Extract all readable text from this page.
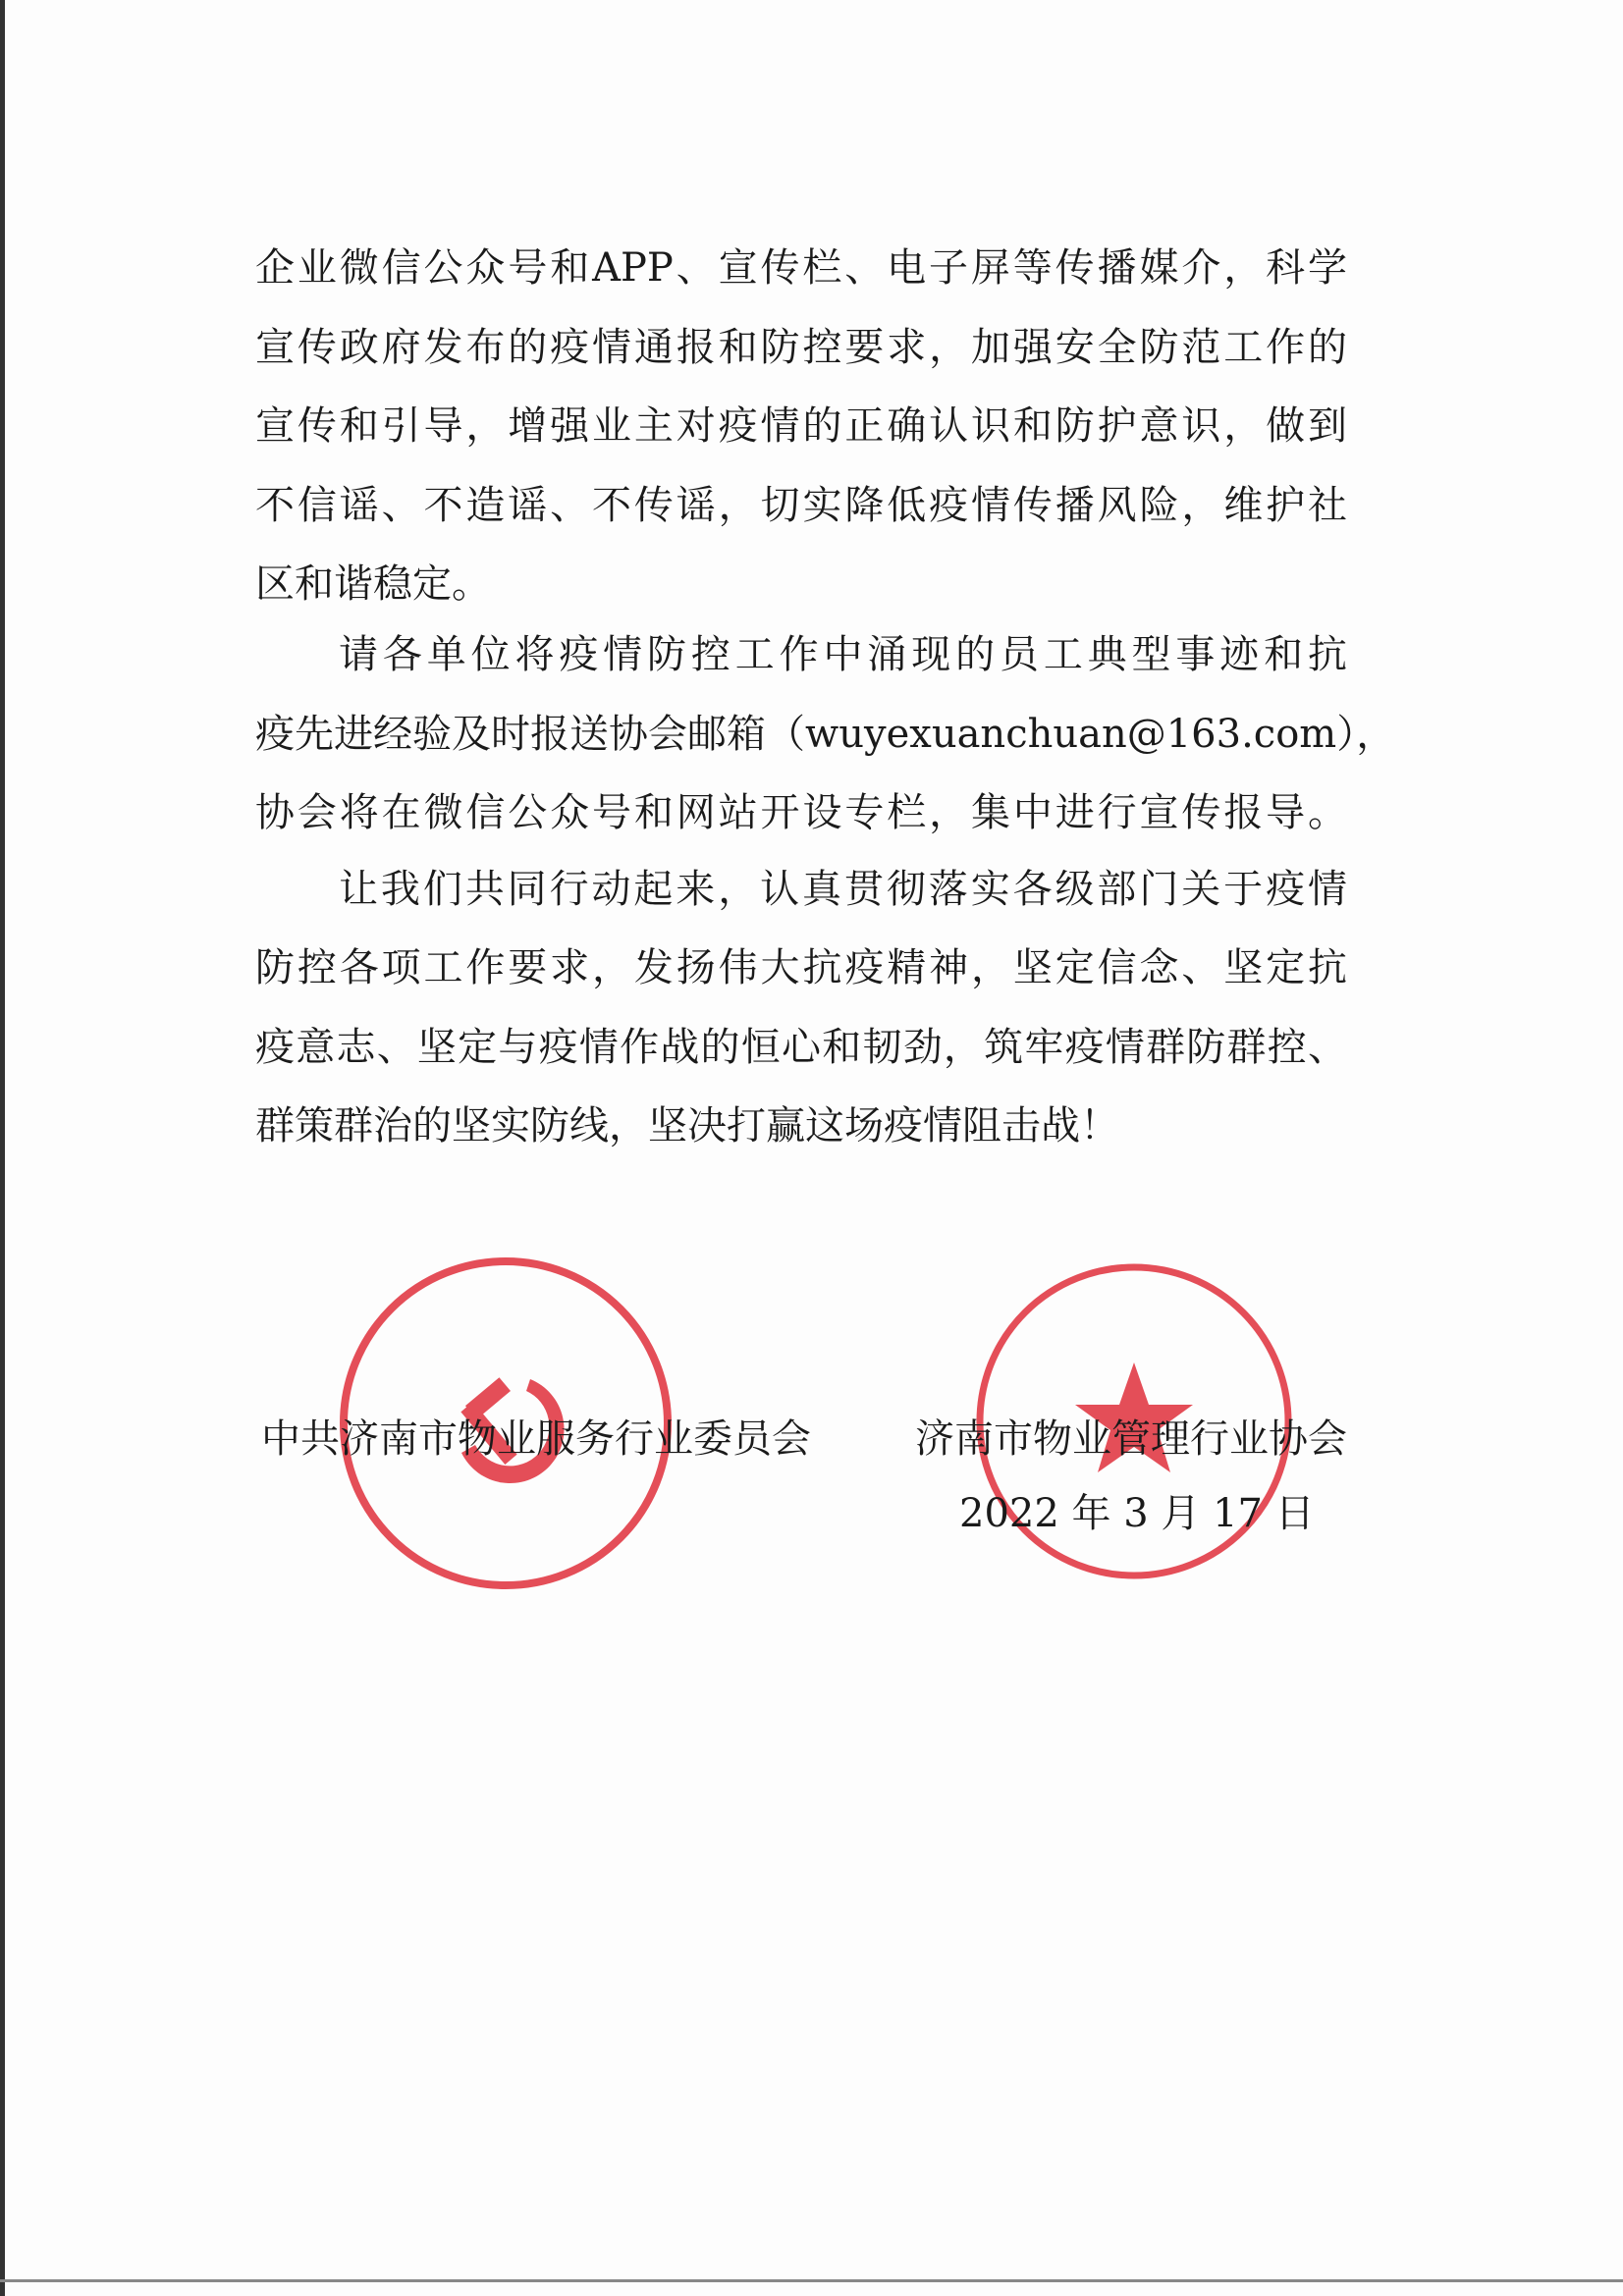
企业微信公众号和APP、宣传栏、电子屏等传播媒介，科学
宣传政府发布的疫情通报和防控要求，加强安全防范工作的
宣传和引导，增强业主对疫情的正确认识和防护意识，做到
不信谣、不造谣、不传谣，切实降低疫情传播风险，维护社
区和谐稳定。
请各单位将疫情防控工作中涌现的员工典型事迹和抗
疫先进经验及时报送协会邮箱（wuyexuanchuan@163.com），
协会将在微信公众号和网站开设专栏，集中进行宣传报导。
让我们共同行动起来，认真贯彻落实各级部门关于疫情
防控各项工作要求，发扬伟大抗疫精神，坚定信念、坚定抗
疫意志、坚定与疫情作战的恒心和韧劲，筑牢疫情群防群控、
群策群治的坚实防线，坚决打赢这场疫情阻击战！
中共济南市物业服务行业委员会	济南市物业管理行业协会
2022 年 3 月 17 日
